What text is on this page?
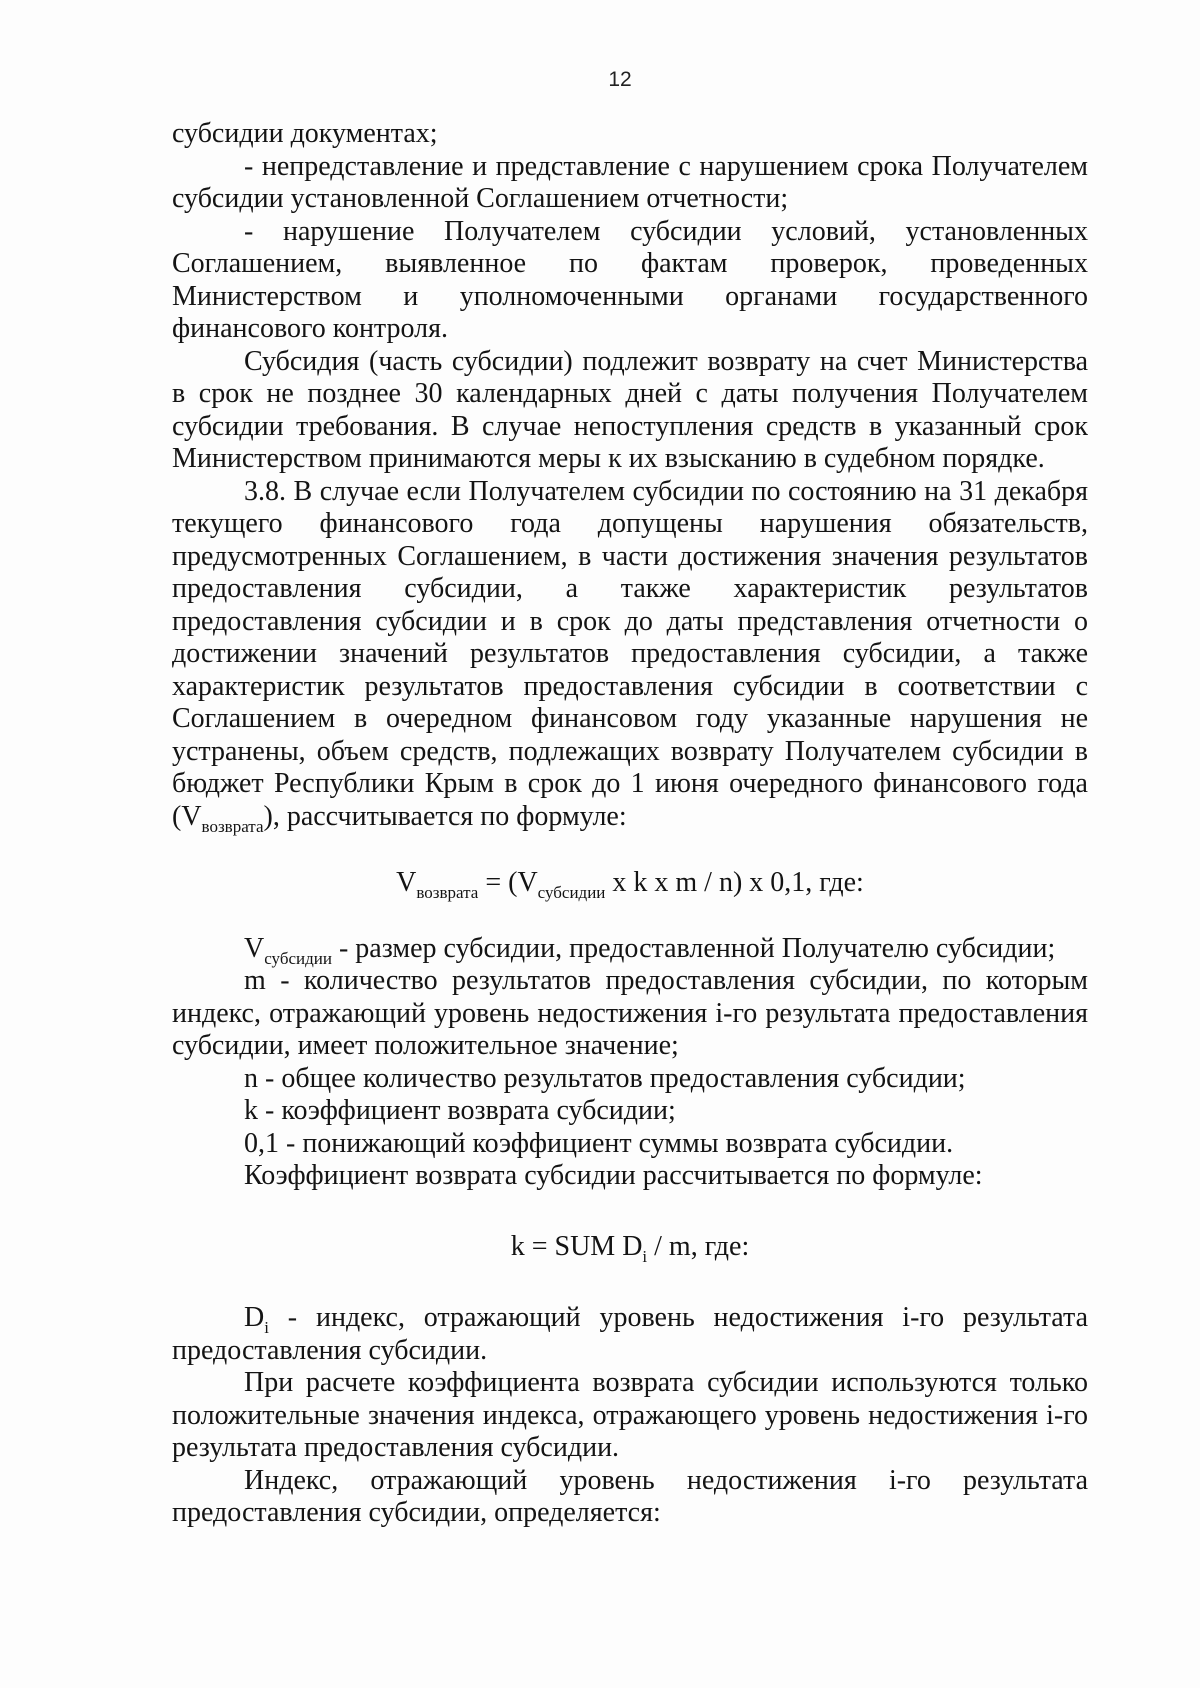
12

субсидии документах;

- непредставление и представление с нарушением срока Получателем субсидии установленной Соглашением отчетности;

- нарушение Получателем субсидии условий, установленных Соглашением, выявленное по фактам проверок, проведенных Министерством и уполномоченными органами государственного финансового контроля.

Субсидия (часть субсидии) подлежит возврату на счет Министерства в срок не позднее 30 календарных дней с даты получения Получателем субсидии требования. В случае непоступления средств в указанный срок Министерством принимаются меры к их взысканию в судебном порядке.

3.8. В случае если Получателем субсидии по состоянию на 31 декабря текущего финансового года допущены нарушения обязательств, предусмотренных Соглашением, в части достижения значения результатов предоставления субсидии, а также характеристик результатов предоставления субсидии и в срок до даты представления отчетности о достижении значений результатов предоставления субсидии, а также характеристик результатов предоставления субсидии в соответствии с Соглашением в очередном финансовом году указанные нарушения не устранены, объем средств, подлежащих возврату Получателем субсидии в бюджет Республики Крым в срок до 1 июня очередного финансового года $(V_{возврата})$, рассчитывается по формуле:

$V_{возврата} = (V_{субсидии}$ x k x m / n) x 0,1, где:

$V_{субсидии}$ - размер субсидии, предоставленной Получателю субсидии;

m - количество результатов предоставления субсидии, по которым индекс, отражающий уровень недостижения i-го результата предоставления субсидии, имеет положительное значение;

n - общее количество результатов предоставления субсидии;

k - коэффициент возврата субсидии;

0,1 - понижающий коэффициент суммы возврата субсидии.

Коэффициент возврата субсидии рассчитывается по формуле:

k = SUM $D_i$ / m, где:

$D_i$ - индекс, отражающий уровень недостижения i-го результата предоставления субсидии.

При расчете коэффициента возврата субсидии используются только положительные значения индекса, отражающего уровень недостижения i-го результата предоставления субсидии.

Индекс, отражающий уровень недостижения i-го результата предоставления субсидии, определяется:
